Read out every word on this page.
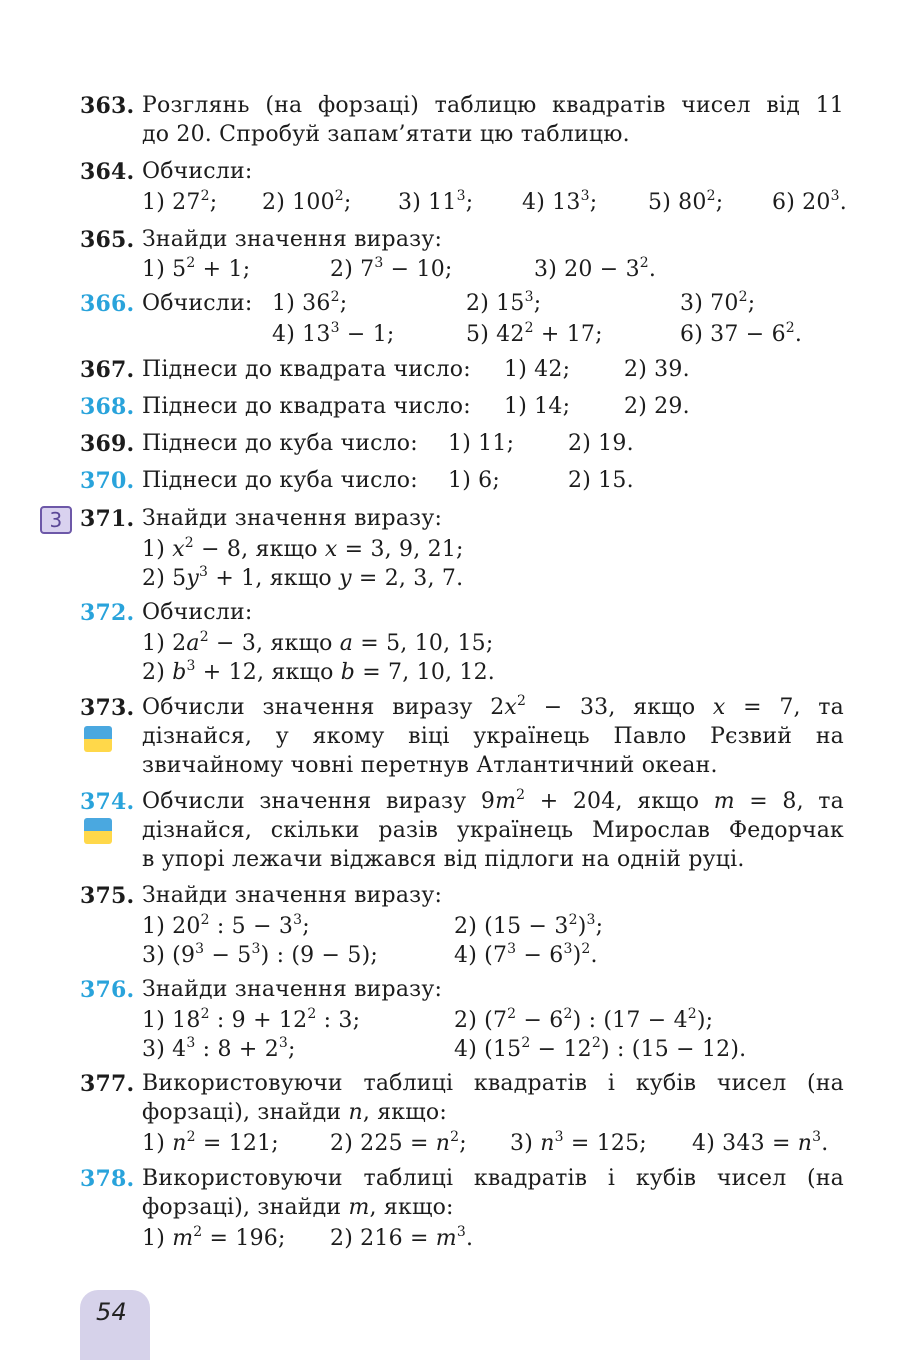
363. Розглянь (на форзаці) таблицю квадратів чисел від 11
до 20. Спробуй запам’ятати цю таблицю.
364. Обчисли:
1) $27^2$; 2) $100^2$; 3) $11^3$; 4) $13^3$; 5) $80^2$; 6) $20^3$.
365. Знайди значення виразу:
1) $5^2 + 1$;	2) $7^3 - 10$;	3) $20 - 3^2$.
366. Обчисли: 1) $36^2$;	2) $15^3$;	3) $70^2$;
4) $13^3 - 1$;	5) $42^2 + 17$;	6) $37 - 6^2$.
367. Піднеси до квадрата число: 1) 42; 2) 39.
368. Піднеси до квадрата число: 1) 14; 2) 29.
369. Піднеси до куба число: 1) 11; 2) 19.
370. Піднеси до куба число: 1) 6;	2) 15.
3 371. Знайди значення виразу:
1) $x^2 - 8$, якщо x = 3, 9, 21;
2) $5y^3 + 1$, якщо y = 2, 3, 7.
372. Обчисли:
1) $2a^2 - 3$, якщо a = 5, 10, 15;
2) $b^3 + 12$, якщо b = 7, 10, 12.
373. Обчисли значення виразу $2x^2 - 33$, якщо x = 7, та
дізнайся, у якому віці українець Павло Рєзвий на
звичайному човні перетнув Атлантичний океан.
374. Обчисли значення виразу $9m^2 + 204$, якщо m = 8, та
дізнайся, скільки разів українець Мирослав Федорчак
в упорі лежачи віджався від підлоги на одній руці.
375. Знайди значення виразу:
1) $20^2$ : $5 - 3^3$;	2) $(15 - 3^2)^3$;
3) $(9^3 - 5^3)$ : (9 − 5);	4) $(7^3 - 6^3)^2$.
376. Знайди значення виразу:
1) $18^2$ : $9 + 12^2$ : 3;	2) $(7^2 - 6^2)$ : $(17 - 4^2)$;
3) $4^3$ : $8 + 2^3$;	4) $(15^2 - 12^2)$ : (15 − 12).
377. Використовуючи таблиці квадратів і кубів чисел (на
форзаці), знайди n, якщо:
1) $n^2 = 121$; 2) $225 = n^2$; 3) $n^3 = 125$; 4) $343 = n^3$.
378. Використовуючи таблиці квадратів і кубів чисел (на
форзаці), знайди m, якщо:
1) $m^2 = 196$; 2) $216 = m^3$.
54
